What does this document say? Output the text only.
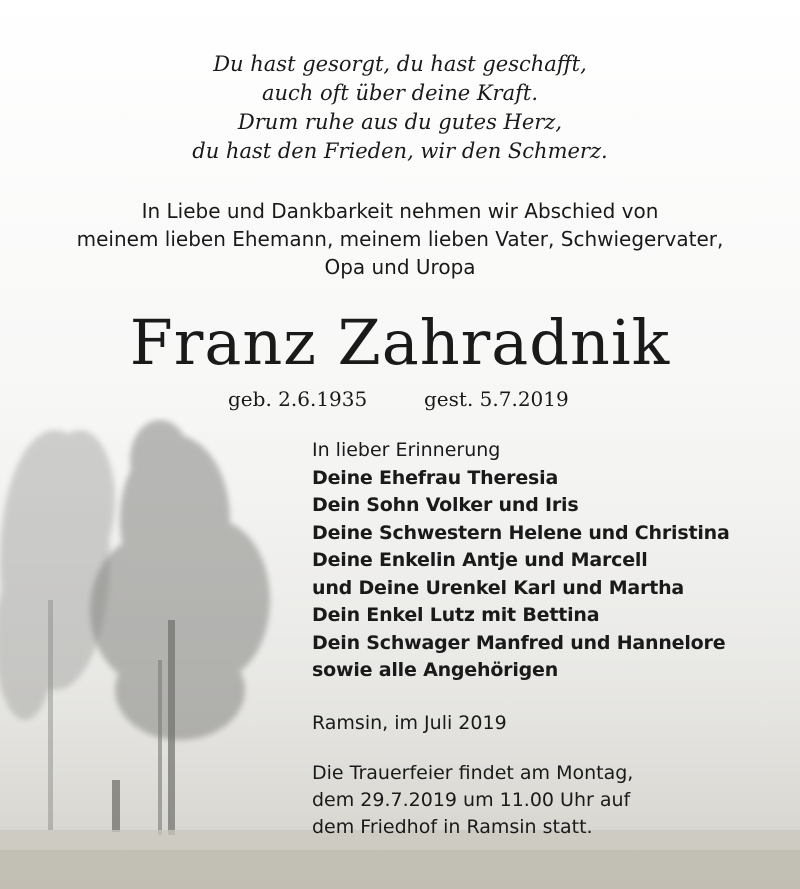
Du hast gesorgt, du hast geschafft,
auch oft über deine Kraft.
Drum ruhe aus du gutes Herz,
du hast den Frieden, wir den Schmerz.
In Liebe und Dankbarkeit nehmen wir Abschied von
meinem lieben Ehemann, meinem lieben Vater, Schwiegervater,
Opa und Uropa
Franz Zahradnik
geb. 2.6.1935	gest. 5.7.2019
In lieber Erinnerung
Deine Ehefrau Theresia
Dein Sohn Volker und Iris
Deine Schwestern Helene und Christina
Deine Enkelin Antje und Marcell
und Deine Urenkel Karl und Martha
Dein Enkel Lutz mit Bettina
Dein Schwager Manfred und Hannelore
sowie alle Angehörigen
Ramsin, im Juli 2019
Die Trauerfeier findet am Montag,
dem 29.7.2019 um 11.00 Uhr auf
dem Friedhof in Ramsin statt.
